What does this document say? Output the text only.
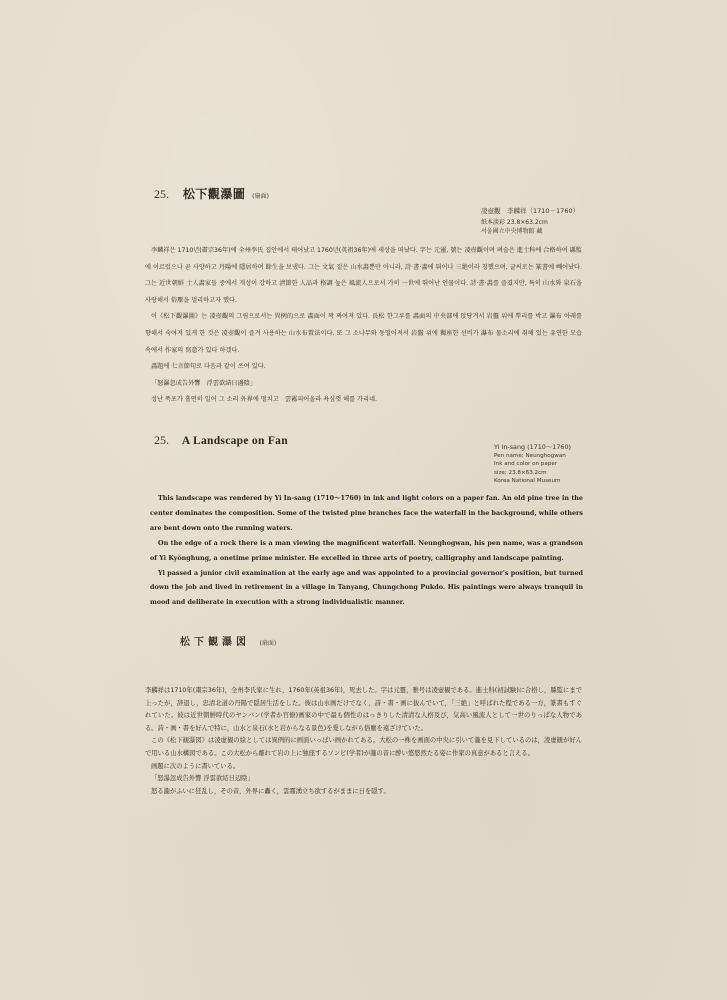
25. 松下觀瀑圖 (扇面)
凌壺觀　李麟祥（1710－1760）
紙本淡彩 23.8×63.2cm
서울國立中央博物館 藏

李麟祥은 1710년(肅宗36年)에 全州李氏 집안에서 태어났고 1760년(英祖36年)에 세상을 떠났다. 字는 元靈, 號는 凌壺觀이며 벼슬은 進士科에 合格하여 縣監에 이르렀으나 곧 사양하고 丹陽에 隱居하며 餘生을 보냈다. 그는 文氣 짙은 山水畵뿐만 아니라, 詩·書·畵에 뛰어나 三絶이라 칭했으며, 글씨로는 篆書에 빼어났다. 그는 近世朝鮮 士人畵家들 중에서 개성이 강하고 淸節한 人品과 格調 높은 風流人으로서 가히 一世에 뛰어난 인물이다. 詩·書·畵를 즐겼지만, 특히 山水와 泉石을 사랑해서 俗塵을 멀리하고자 했다.

이《松下觀瀑圖》는 凌壺觀의 그림으로서는 異例的으로 畵面이 꽉 짜여져 있다. 長松 한그루를 畵面의 中央部에 앉당겨서 岩盤 위에 뿌리를 박고 瀑布 아래를 향해서 숙여져 있게 한 것은 凌壺觀이 즐겨 사용하는 山水布置法이다. 또 그 소나무와 동떨어져서 岩盤 위에 獨座한 선비가 瀑布 물소리에 취해 있는 유연한 모습 속에서 作家의 寫意가 있다 하겠다.

畵題에 七言節句로 다음과 같이 쓰여 있다.

「怒瀑忽成告外響　浮雲欲結日邊陰」

성난 폭포가 홀연히 일어 그 소리 外界에 떨치고　雲霧피어올라 욕심껏 해를 가리네.

25. A Landscape on Fan	Yi In-sang (1710～1760)
Pen name; Neunghogwan
Ink and color on paper
size; 23.8×63.2cm
Korea National Museum

This landscape was rendered by Yi In-sang (1710～1760) in ink and light colors on a paper fan. An old pine tree in the center dominates the composition. Some of the twisted pine branches face the waterfall in the background, while others are bent down onto the running waters.

On the edge of a rock there is a man viewing the magnificent waterfall. Neunghogwan, his pen name, was a grandson of Yi Kyönghung, a onetime prime minister. He excelled in three arts of poetry, calligraphy and landscape painting.

Yi passed a junior civil examination at the early age and was appointed to a provincial governor's position, but turned down the job and lived in retirement in a village in Tanyang, Chungchong Pukdo. His paintings were always tranquil in mood and deliberate in execution with a strong individualistic manner.

松下観瀑図 (扇面)

李麟祥は1710年(粛宗36年)，全州李氏家に生れ，1760年(英祖36年)，死去した。字は元靈，雅号は凌壺観である。進士科(初試験)に合格し，縣監にまで上ったが，辞退し，忠清北道の丹陽で隠居生活をした。彼は山水画だけでなく，詩・書・画に抜んでいて，「三絶」と呼ばれた程である一方，篆書もすぐれていた。彼は近世朝鮮時代のヤンバン(学者か官僚)画家の中で最も個性のはっきりした清清な人格及び，気高い風流人として一世のりっぱな人物である。詩・画・書を好んで特に，山水と泉石(水と岩からなる景色)を愛しながら俗塵を遠ざけていた。

この《松下観瀑図》は凌虚観の絵としては異例的に画面いっぱい画かれてある。大松の一株を画面の中央に引いて瀧を見下しているのは，凌虚観が好んで用いる山水構図である。この大松から離れて岩の上に独座するソンビ(学者)が瀧の音に酔い悠悠然たる姿に作家の真意があると言える。

画題に次のように書いている。

「怒瀑忽成告外響 浮雲欲結日辺陰」

怒る瀧がふいに狂乱し，その音，外界に轟く，雲霧湧立ち欲するがままに日を隠す。
